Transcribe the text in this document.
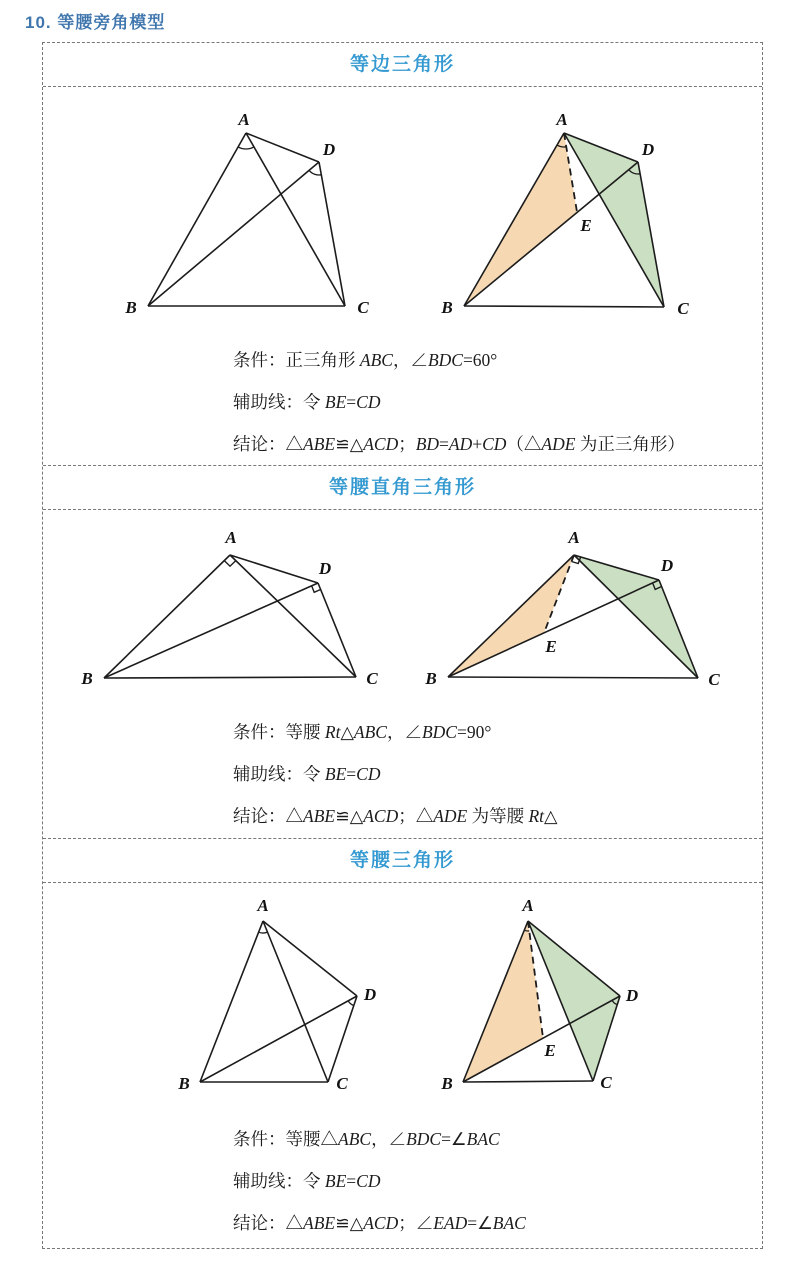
10. 等腰旁角模型
等边三角形
A
D
B	C
A
D
B	C
E
条件：正三角形 ABC，∠BDC=60°
辅助线：令 BE=CD
结论：△ABE≌△ACD；BD=AD+CD（△ADE 为正三角形）
等腰直角三角形
A
D
B	C
A
D
B	C
E
条件：等腰 Rt△ABC，∠BDC=90°
辅助线：令 BE=CD
结论：△ABE≌△ACD；△ADE 为等腰 Rt△
等腰三角形
A
D
B	C
A
D
B	C
E
条件：等腰△ABC，∠BDC=∠BAC
辅助线：令 BE=CD
结论：△ABE≌△ACD；∠EAD=∠BAC
